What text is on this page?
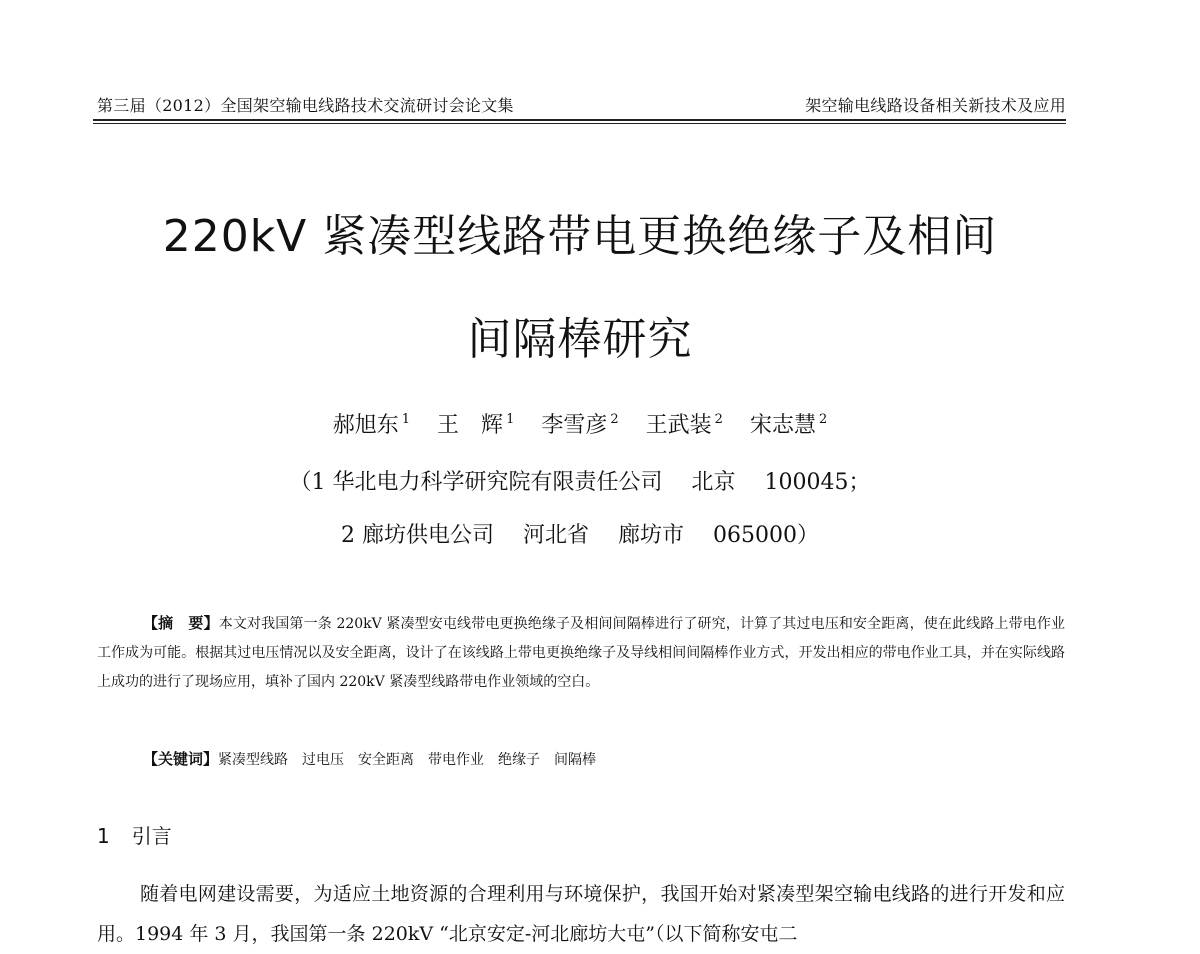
第三届（2012）全国架空输电线路技术交流研讨会论文集	架空输电线路设备相关新技术及应用
220kV 紧凑型线路带电更换绝缘子及相间
间隔棒研究
郝旭东 $^1$ 王　辉 $^1$ 李雪彦 $^2$ 王武装 $^2$ 宋志慧 $^2$
（1 华北电力科学研究院有限责任公司 北京 100045；
2 廊坊供电公司 河北省 廊坊市 065000）
【摘　要】本文对我国第一条 220kV 紧凑型安屯线带电更换绝缘子及相间间隔棒进行了研究，计算了其过电压和安全距离，使在此线路上带电作业工作成为可能。根据其过电压情况以及安全距离，设计了在该线路上带电更换绝缘子及导线相间间隔棒作业方式，开发出相应的带电作业工具，并在实际线路上成功的进行了现场应用，填补了国内 220kV 紧凑型线路带电作业领域的空白。
【关键词】紧凑型线路 过电压 安全距离 带电作业 绝缘子 间隔棒
1 引言
随着电网建设需要，为适应土地资源的合理利用与环境保护，我国开始对紧凑型架空输电线路的进行开发和应用。1994 年 3 月，我国第一条 220kV “北京安定-河北廊坊大屯”（以下简称安屯二
